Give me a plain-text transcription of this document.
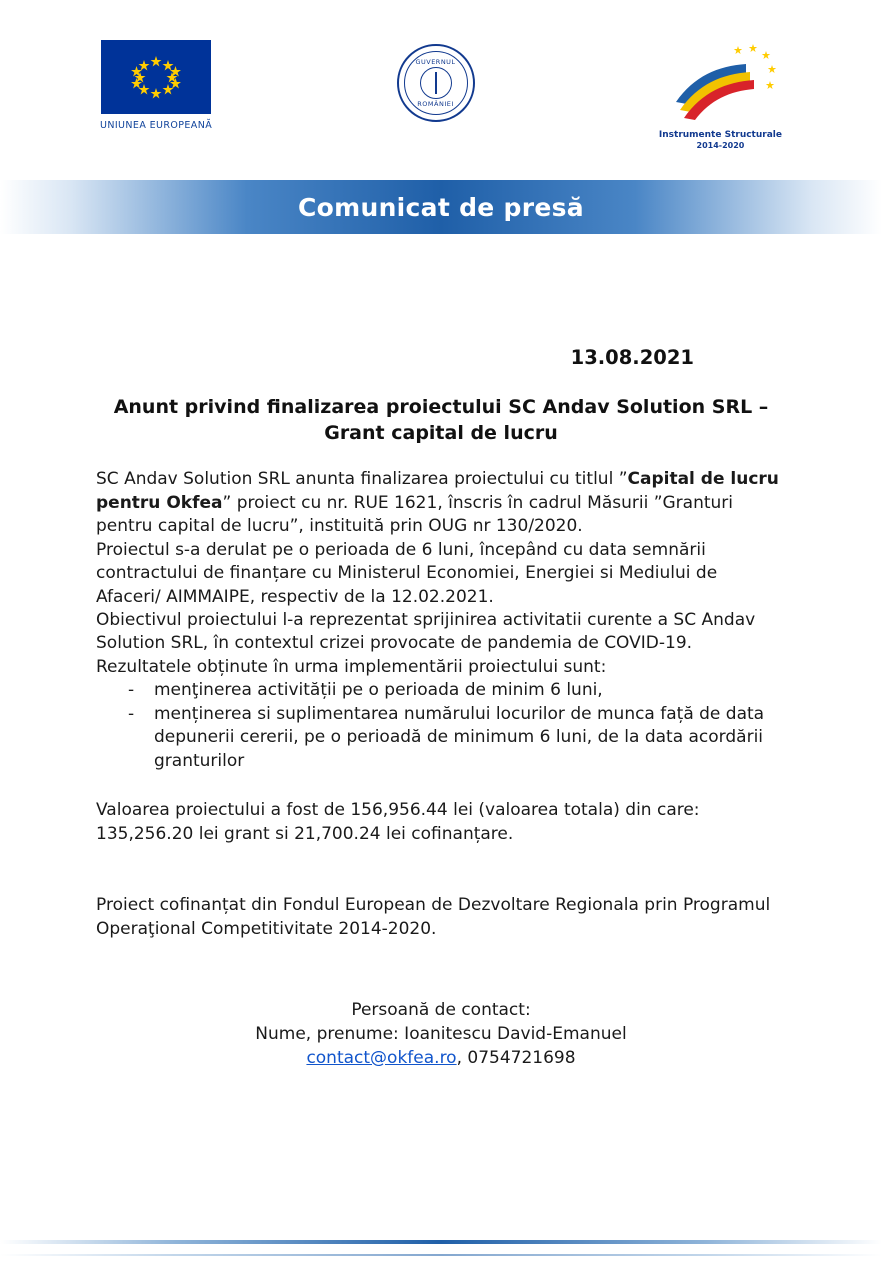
UNIUNEA EUROPEANĂ
GUVERNUL
ROMÂNIEI
Instrumente Structurale
2014-2020
Comunicat de presă
13.08.2021
Anunt privind finalizarea proiectului SC Andav Solution SRL –
Grant capital de lucru
SC Andav Solution SRL anunta finalizarea proiectului cu titlul ”Capital de lucru pentru Okfea” proiect cu nr. RUE 1621, înscris în cadrul Măsurii ”Granturi pentru capital de lucru”, instituită prin OUG nr 130/2020.
Proiectul s-a derulat pe o perioada de 6 luni, începând cu data semnării contractului de finanțare cu Ministerul Economiei, Energiei si Mediului de Afaceri/ AIMMAIPE, respectiv de la 12.02.2021.
Obiectivul proiectului l-a reprezentat sprijinirea activitatii curente a SC Andav Solution SRL, în contextul crizei provocate de pandemia de COVID-19.
Rezultatele obținute în urma implementării proiectului sunt:
- menţinerea activității pe o perioada de minim 6 luni,
- menținerea si suplimentarea numărului locurilor de munca față de data depunerii cererii, pe o perioadă de minimum 6 luni, de la data acordării granturilor
Valoarea proiectului a fost de 156,956.44 lei (valoarea totala) din care: 135,256.20 lei grant si 21,700.24 lei cofinanțare.
Proiect cofinanțat din Fondul European de Dezvoltare Regionala prin Programul Operaţional Competitivitate 2014-2020.
Persoană de contact:
Nume, prenume: Ioanitescu David-Emanuel
contact@okfea.ro, 0754721698
